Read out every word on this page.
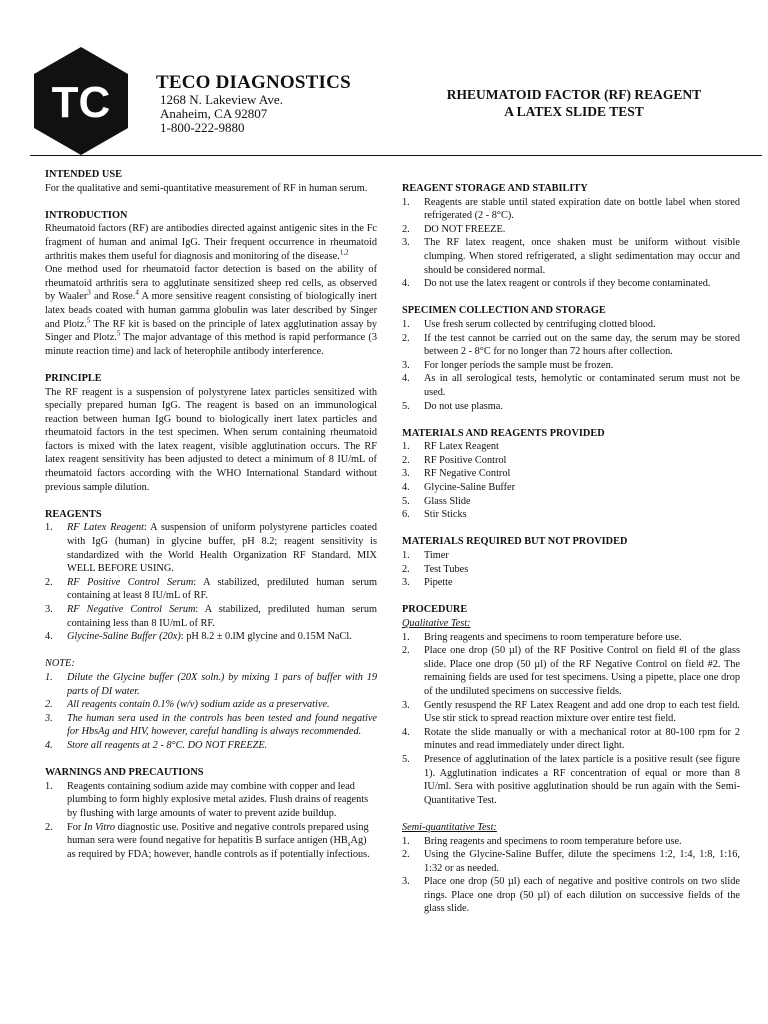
TC TECO DIAGNOSTICS
1268 N. Lakeview Ave.
Anaheim, CA 92807
1-800-222-9880
RHEUMATOID FACTOR (RF) REAGENT
A LATEX SLIDE TEST
INTENDED USE

For the qualitative and semi-quantitative measurement of RF in human serum.

INTRODUCTION

Rheumatoid factors (RF) are antibodies directed against antigenic sites in the Fc fragment of human and animal IgG. Their frequent occurrence in rheumatoid arthritis makes them useful for diagnosis and monitoring of the disease.$^{1,2}$

One method used for rheumatoid factor detection is based on the ability of rheumatoid arthritis sera to agglutinate sensitized sheep red cells, as observed by Waaler$^3$ and Rose.$^4$ A more sensitive reagent consisting of biologically inert latex beads coated with human gamma globulin was later described by Singer and Plotz.$^5$ The RF kit is based on the principle of latex agglutination assay by Singer and Plotz.$^5$ The major advantage of this method is rapid performance (3 minute reaction time) and lack of heterophile antibody interference.

PRINCIPLE

The RF reagent is a suspension of polystyrene latex particles sensitized with specially prepared human IgG. The reagent is based on an immunological reaction between human IgG bound to biologically inert latex particles and rheumatoid factors in the test specimen. When serum containing rheumatoid factors is mixed with the latex reagent, visible agglutination occurs. The RF latex reagent sensitivity has been adjusted to detect a minimum of 8 IU/mL of rheumatoid factors according with the WHO International Standard without previous sample dilution.

REAGENTS
1.	RF Latex Reagent: A suspension of uniform polystyrene particles coated with IgG (human) in glycine buffer, pH 8.2; reagent sensitivity is standardized with the World Health Organization RF Standard. MIX WELL BEFORE USING.
2.	RF Positive Control Serum: A stabilized, prediluted human serum containing at least 8 IU/mL of RF.
3.	RF Negative Control Serum: A stabilized, prediluted human serum containing less than 8 IU/mL of RF.
4.	Glycine-Saline Buffer (20x): pH 8.2 ± 0.lM glycine and 0.15M NaCl.
NOTE:
1.	Dilute the Glycine buffer (20X soln.) by mixing 1 pars of buffer with 19 parts of DI water.
2.	All reagents contain 0.1% (w/v) sodium azide as a preservative.
3.	The human sera used in the controls has been tested and found negative for HbsAg and HIV, however, careful handling is always recommended.
4.	Store all reagents at 2 - 8°C. DO NOT FREEZE.
WARNINGS AND PRECAUTIONS
1.	Reagents containing sodium azide may combine with copper and lead plumbing to form highly explosive metal azides. Flush drains of reagents by flushing with large amounts of water to prevent azide buildup.
2.	For In Vitro diagnostic use. Positive and negative controls prepared using human sera were found negative for hepatitis B surface antigen $(HB_sAg)$ as required by FDA; however, handle controls as if potentially infectious.
REAGENT STORAGE AND STABILITY
1.	Reagents are stable until stated expiration date on bottle label when stored refrigerated (2 - 8°C).
2.	DO NOT FREEZE.
3.	The RF latex reagent, once shaken must be uniform without visible clumping. When stored refrigerated, a slight sedimentation may occur and should be considered normal.
4.	Do not use the latex reagent or controls if they become contaminated.
SPECIMEN COLLECTION AND STORAGE
1.	Use fresh serum collected by centrifuging clotted blood.
2.	If the test cannot be carried out on the same day, the serum may be stored between 2 - 8°C for no longer than 72 hours after collection.
3.	For longer periods the sample must be frozen.
4.	As in all serological tests, hemolytic or contaminated serum must not be used.
5.	Do not use plasma.
MATERIALS AND REAGENTS PROVIDED
1.	RF Latex Reagent
2.	RF Positive Control
3.	RF Negative Control
4.	Glycine-Saline Buffer
5.	Glass Slide
6.	Stir Sticks
MATERIALS REQUIRED BUT NOT PROVIDED
1.	Timer
2.	Test Tubes
3.	Pipette
PROCEDURE
Qualitative Test:
1.	Bring reagents and specimens to room temperature before use.
2.	Place one drop (50 µl) of the RF Positive Control on field #l of the glass slide. Place one drop (50 µl) of the RF Negative Control on field #2. The remaining fields are used for test specimens. Using a pipette, place one drop of the undiluted specimens on successive fields.
3.	Gently resuspend the RF Latex Reagent and add one drop to each test field. Use stir stick to spread reaction mixture over entire test field.
4.	Rotate the slide manually or with a mechanical rotor at 80-100 rpm for 2 minutes and read immediately under direct light.
5.	Presence of agglutination of the latex particle is a positive result (see figure 1). Agglutination indicates a RF concentration of equal or more than 8 IU/ml. Sera with positive agglutination should be run again with the Semi-Quantitative Test.
Semi-quantitative Test:
1.	Bring reagents and specimens to room temperature before use.
2.	Using the Glycine-Saline Buffer, dilute the specimens 1:2, 1:4, 1:8, 1:16, 1:32 or as needed.
3.	Place one drop (50 µl) each of negative and positive controls on two slide rings. Place one drop (50 µl) of each dilution on successive fields of the glass slide.
